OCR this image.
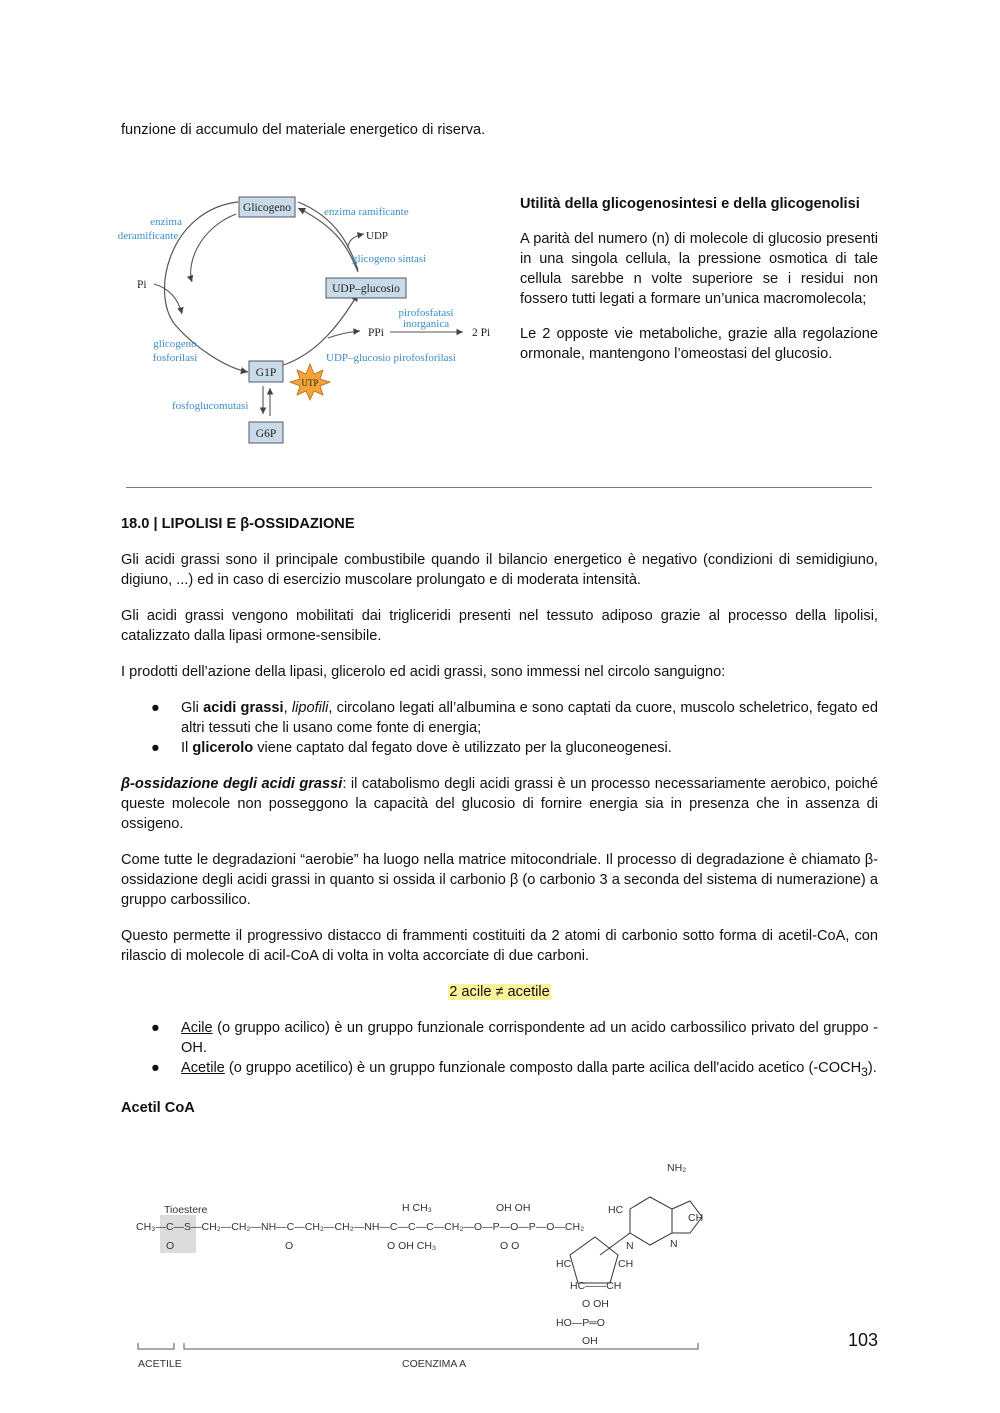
funzione di accumulo del materiale energetico di riserva.

Glicogeno
UDP–glucosio
G1P
G6P
UTP
enzima
deramificante
enzima ramificante
UDP
glicogeno sintasi
Pi
glicogeno
fosforilasi
pirofosfatasi
inorganica
PPi	2 Pi
UDP–glucosio pirofosforilasi
fosfoglucomutasi

Utilità della glicogenosintesi e della glicogenolisi

A parità del numero (n) di molecole di glucosio presenti in una singola cellula, la pressione osmotica di tale cellula sarebbe n volte superiore se i residui non fossero tutti legati a formare un’unica macromolecola;

Le 2 opposte vie metaboliche, grazie alla regolazione ormonale, mantengono l’omeostasi del glucosio.

18.0 | LIPOLISI E β-OSSIDAZIONE

Gli acidi grassi sono il principale combustibile quando il bilancio energetico è negativo (condizioni di semidigiuno, digiuno, ...) ed in caso di esercizio muscolare prolungato e di moderata intensità.

Gli acidi grassi vengono mobilitati dai trigliceridi presenti nel tessuto adiposo grazie al processo della lipolisi, catalizzato dalla lipasi ormone-sensibile.

I prodotti dell’azione della lipasi, glicerolo ed acidi grassi, sono immessi nel circolo sanguigno:

● Gli acidi grassi, lipofili, circolano legati all’albumina e sono captati da cuore, muscolo scheletrico, fegato ed altri tessuti che li usano come fonte di energia;
● Il glicerolo viene captato dal fegato dove è utilizzato per la gluconeogenesi.

β-ossidazione degli acidi grassi: il catabolismo degli acidi grassi è un processo necessariamente aerobico, poiché queste molecole non posseggono la capacità del glucosio di fornire energia sia in presenza che in assenza di ossigeno.

Come tutte le degradazioni “aerobie” ha luogo nella matrice mitocondriale. Il processo di degradazione è chiamato β-ossidazione degli acidi grassi in quanto si ossida il carbonio β (o carbonio 3 a seconda del sistema di numerazione) a gruppo carbossilico.

Questo permette il progressivo distacco di frammenti costituiti da 2 atomi di carbonio sotto forma di acetil-CoA, con rilascio di molecole di acil-CoA di volta in volta accorciate di due carboni.

2 acile ≠ acetile

● Acile (o gruppo acilico) è un gruppo funzionale corrispondente ad un acido carbossilico privato del gruppo -OH.
● Acetile (o gruppo acetilico) è un gruppo funzionale composto dalla parte acilica dell'acido acetico $(-COCH_3)$.

Acetil CoA

Tioestere
CH₃—C—S—CH₂—CH₂—NH—C—CH₂—CH₂—NH—C—C—C—CH₂—O—P—O—P—O—CH₂
O	O	O OH CH₃
H CH₃	OH OH
O O
HC	CH
HC——CH
O OH
HO—P═O
OH
NH₂
HC
N
CH
N
ACETILE	COENZIMA A
103
